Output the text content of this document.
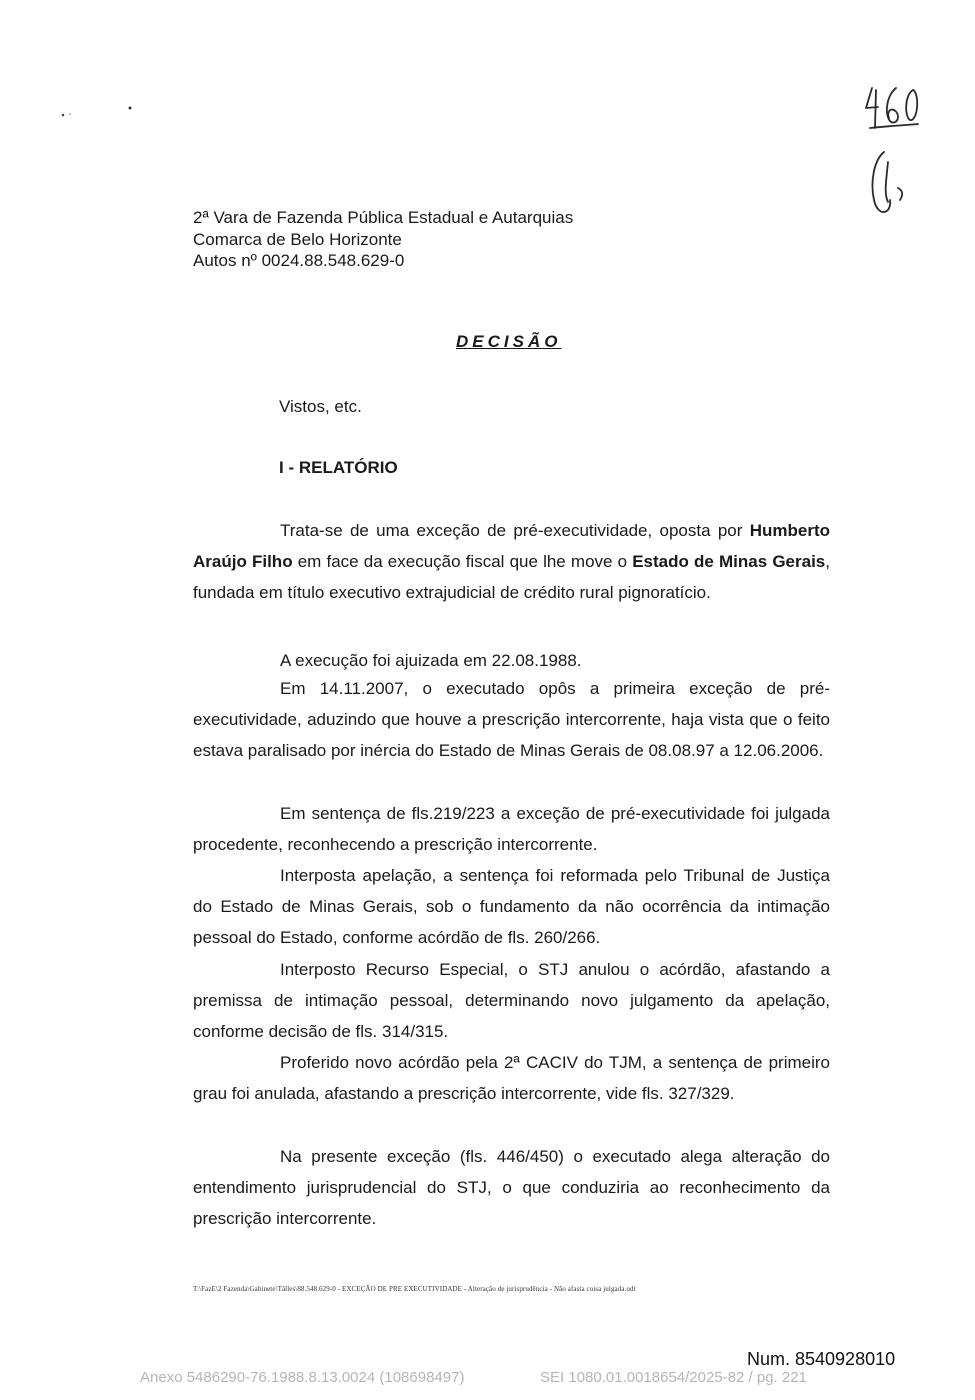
2ª Vara de Fazenda Pública Estadual e Autarquias
Comarca de Belo Horizonte
Autos nº 0024.88.548.629-0
DECISÃO
Vistos, etc.
I - RELATÓRIO

Trata-se de uma exceção de pré-executividade, oposta por Humberto Araújo Filho em face da execução fiscal que lhe move o Estado de Minas Gerais, fundada em título executivo extrajudicial de crédito rural pignoratício.

A execução foi ajuizada em 22.08.1988.

Em 14.11.2007, o executado opôs a primeira exceção de pré-executividade, aduzindo que houve a prescrição intercorrente, haja vista que o feito estava paralisado por inércia do Estado de Minas Gerais de 08.08.97 a 12.06.2006.

Em sentença de fls.219/223 a exceção de pré-executividade foi julgada procedente, reconhecendo a prescrição intercorrente.

Interposta apelação, a sentença foi reformada pelo Tribunal de Justiça do Estado de Minas Gerais, sob o fundamento da não ocorrência da intimação pessoal do Estado, conforme acórdão de fls. 260/266.

Interposto Recurso Especial, o STJ anulou o acórdão, afastando a premissa de intimação pessoal, determinando novo julgamento da apelação, conforme decisão de fls. 314/315.

Proferido novo acórdão pela 2ª CACIV do TJM, a sentença de primeiro grau foi anulada, afastando a prescrição intercorrente, vide fls. 327/329.

Na presente exceção (fls. 446/450) o executado alega alteração do entendimento jurisprudencial do STJ, o que conduziria ao reconhecimento da prescrição intercorrente.

T:\FazE\2 Fazenda\Gabinete\Tálles\88.548.629-0 - EXCEÇÃO DE PRE EXECUTIVIDADE - Alteração de jurisprudência - Não afasta coisa julgada.odt
Num. 8540928010
Anexo 5486290-76.1988.8.13.0024 (108698497)	SEI 1080.01.0018654/2025-82 / pg. 221
